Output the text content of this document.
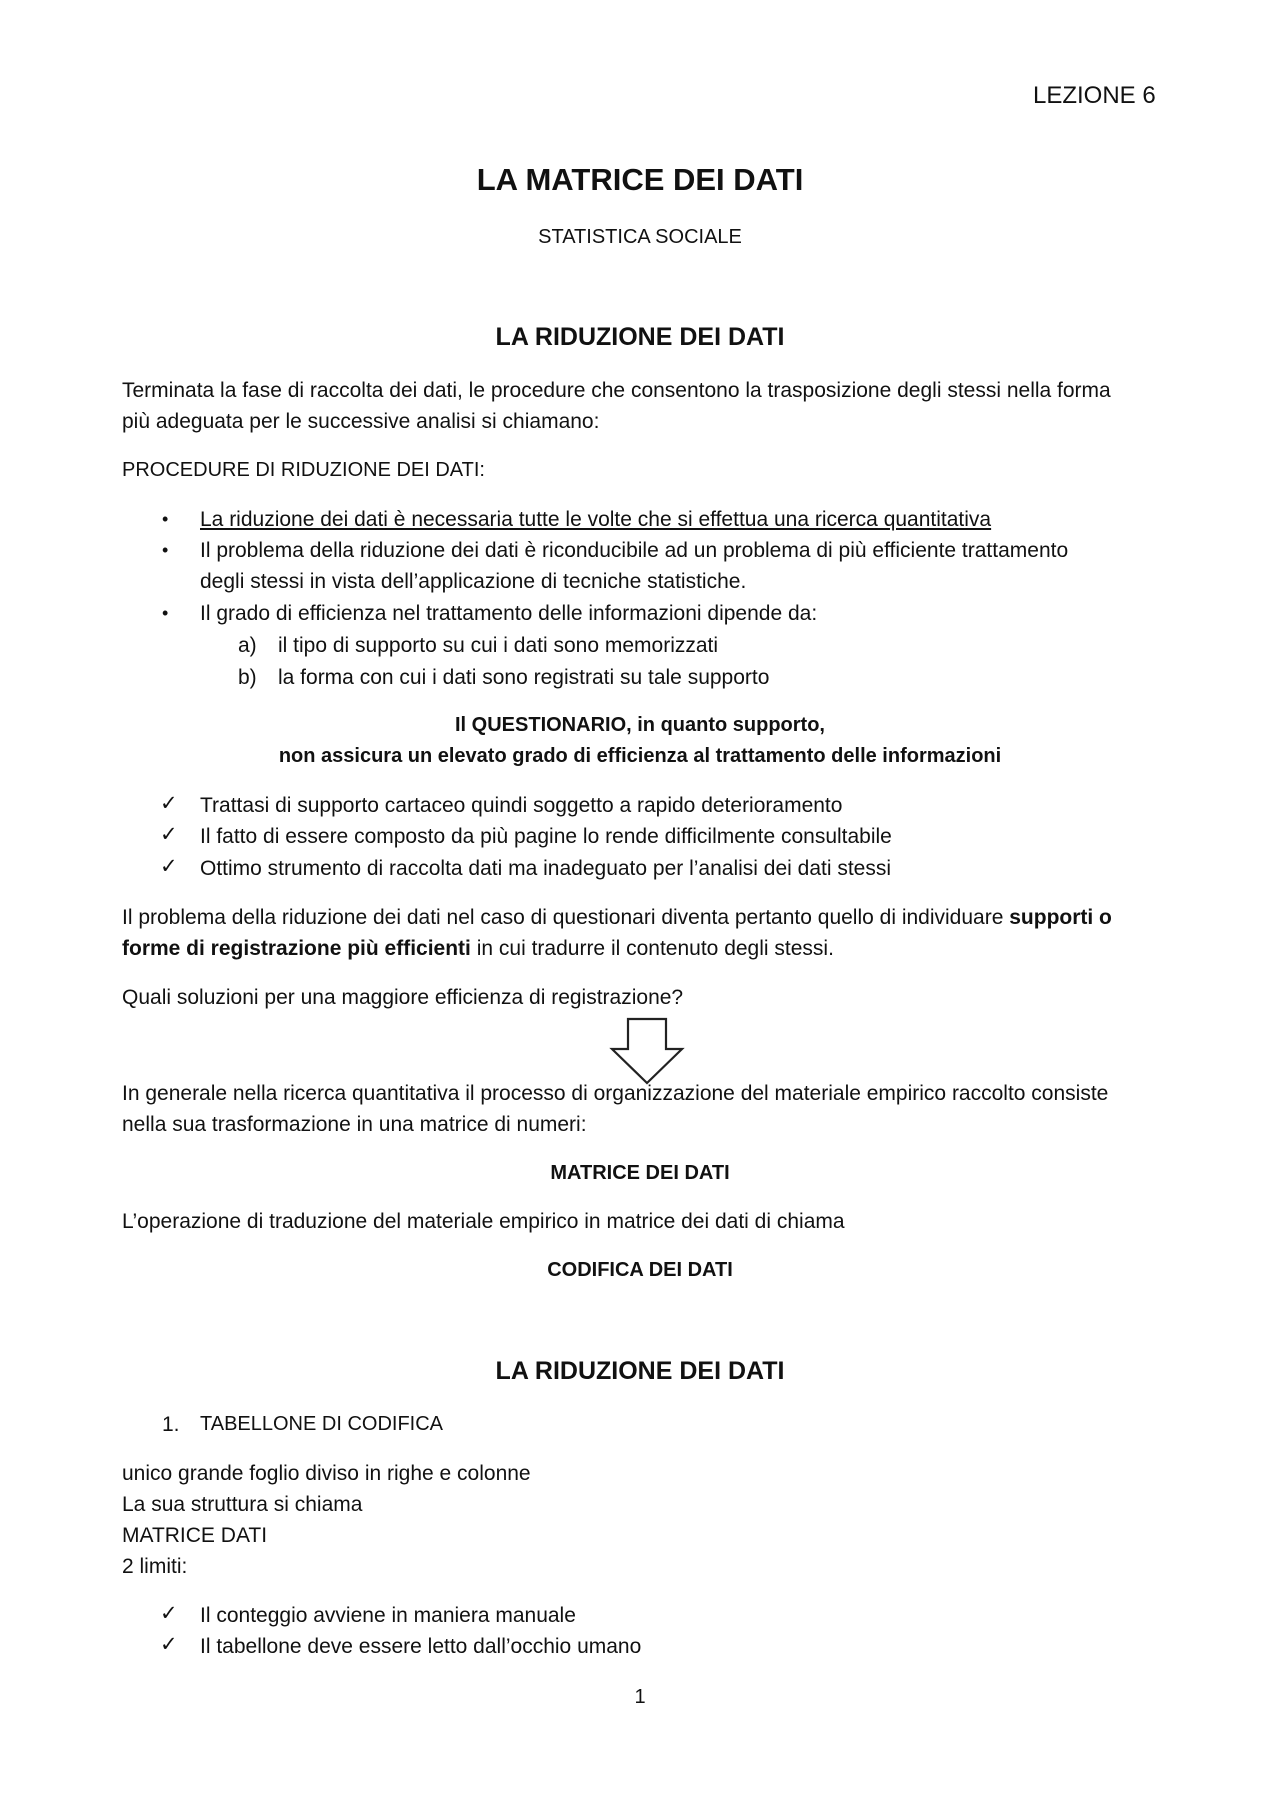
LEZIONE 6

LA MATRICE DEI DATI

STATISTICA SOCIALE

LA RIDUZIONE DEI DATI

Terminata la fase di raccolta dei dati, le procedure che consentono la trasposizione degli stessi nella forma

più adeguata per le successive analisi si chiamano:

PROCEDURE DI RIDUZIONE DEI DATI:

• La riduzione dei dati è necessaria tutte le volte che si effettua una ricerca quantitativa
• Il problema della riduzione dei dati è riconducibile ad un problema di più efficiente trattamento
degli stessi in vista dell’applicazione di tecniche statistiche.
• Il grado di efficienza nel trattamento delle informazioni dipende da:
a) il tipo di supporto su cui i dati sono memorizzati
b) la forma con cui i dati sono registrati su tale supporto

Il QUESTIONARIO, in quanto supporto,

non assicura un elevato grado di efficienza al trattamento delle informazioni

✓ Trattasi di supporto cartaceo quindi soggetto a rapido deterioramento
✓ Il fatto di essere composto da più pagine lo rende difficilmente consultabile
✓ Ottimo strumento di raccolta dati ma inadeguato per l’analisi dei dati stessi

Il problema della riduzione dei dati nel caso di questionari diventa pertanto quello di individuare supporti o

forme di registrazione più efficienti in cui tradurre il contenuto degli stessi.

Quali soluzioni per una maggiore efficienza di registrazione?

In generale nella ricerca quantitativa il processo di organizzazione del materiale empirico raccolto consiste

nella sua trasformazione in una matrice di numeri:

MATRICE DEI DATI

L’operazione di traduzione del materiale empirico in matrice dei dati di chiama

CODIFICA DEI DATI

LA RIDUZIONE DEI DATI

1. TABELLONE DI CODIFICA

unico grande foglio diviso in righe e colonne

La sua struttura si chiama

MATRICE DATI

2 limiti:

✓ Il conteggio avviene in maniera manuale
✓ Il tabellone deve essere letto dall’occhio umano

1
